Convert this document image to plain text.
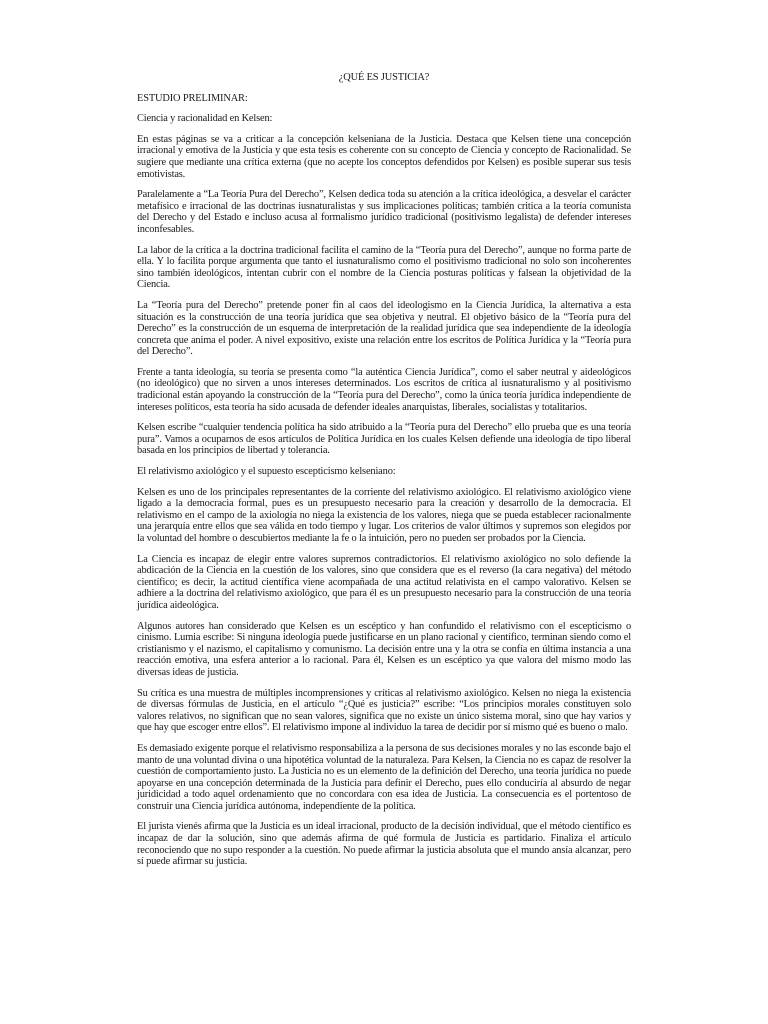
¿QUÉ ES JUSTICIA?

ESTUDIO PRELIMINAR:

Ciencia y racionalidad en Kelsen:

En estas páginas se va a criticar a la concepción kelseniana de la Justicia. Destaca que Kelsen tiene una concepción irracional y emotiva de la Justicia y que esta tesis es coherente con su concepto de Ciencia y concepto de Racionalidad. Se sugiere que mediante una crítica externa (que no acepte los conceptos defendidos por Kelsen) es posible superar sus tesis emotivistas.

Paralelamente a “La Teoría Pura del Derecho”, Kelsen dedica toda su atención a la crítica ideológica, a desvelar el carácter metafísico e irracional de las doctrinas iusnaturalistas y sus implicaciones políticas; también critica a la teoría comunista del Derecho y del Estado e incluso acusa al formalismo jurídico tradicional (positivismo legalista) de defender intereses inconfesables.

La labor de la crítica a la doctrina tradicional facilita el camino de la “Teoría pura del Derecho”, aunque no forma parte de ella. Y lo facilita porque argumenta que tanto el iusnaturalismo como el positivismo tradicional no solo son incoherentes sino también ideológicos, intentan cubrir con el nombre de la Ciencia posturas políticas y falsean la objetividad de la Ciencia.

La “Teoría pura del Derecho” pretende poner fin al caos del ideologismo en la Ciencia Jurídica, la alternativa a esta situación es la construcción de una teoría jurídica que sea objetiva y neutral. El objetivo básico de la “Teoría pura del Derecho” es la construcción de un esquema de interpretación de la realidad jurídica que sea independiente de la ideología concreta que anima el poder. A nivel expositivo, existe una relación entre los escritos de Política Jurídica y la “Teoría pura del Derecho”.

Frente a tanta ideología, su teoría se presenta como “la auténtica Ciencia Jurídica”, como el saber neutral y aideológicos (no ideológico) que no sirven a unos intereses determinados. Los escritos de crítica al iusnaturalismo y al positivismo tradicional están apoyando la construcción de la “Teoría pura del Derecho”, como la única teoría jurídica independiente de intereses políticos, esta teoría ha sido acusada de defender ideales anarquistas, liberales, socialistas y totalitarios.

Kelsen escribe “cualquier tendencia política ha sido atribuido a la “Teoría pura del Derecho” ello prueba que es una teoría pura”. Vamos a ocuparnos de esos artículos de Política Jurídica en los cuales Kelsen defiende una ideología de tipo liberal basada en los principios de libertad y tolerancia.

El relativismo axiológico y el supuesto escepticismo kelseniano:

Kelsen es uno de los principales representantes de la corriente del relativismo axiológico. El relativismo axiológico viene ligado a la democracia formal, pues es un presupuesto necesario para la creación y desarrollo de la democracia. El relativismo en el campo de la axiología no niega la existencia de los valores, niega que se pueda establecer racionalmente una jerarquía entre ellos que sea válida en todo tiempo y lugar. Los criterios de valor últimos y supremos son elegidos por la voluntad del hombre o descubiertos mediante la fe o la intuición, pero no pueden ser probados por la Ciencia.

La Ciencia es incapaz de elegir entre valores supremos contradictorios. El relativismo axiológico no solo defiende la abdicación de la Ciencia en la cuestión de los valores, sino que considera que es el reverso (la cara negativa) del método científico; es decir, la actitud científica viene acompañada de una actitud relativista en el campo valorativo. Kelsen se adhiere a la doctrina del relativismo axiológico, que para él es un presupuesto necesario para la construcción de una teoría jurídica aideológica.

Algunos autores han considerado que Kelsen es un escéptico y han confundido el relativismo con el escepticismo o cinismo. Lumia escribe: Si ninguna ideología puede justificarse en un plano racional y científico, terminan siendo como el cristianismo y el nazismo, el capitalismo y comunismo. La decisión entre una y la otra se confía en última instancia a una reacción emotiva, una esfera anterior a lo racional. Para él, Kelsen es un escéptico ya que valora del mismo modo las diversas ideas de justicia.

Su crítica es una muestra de múltiples incomprensiones y críticas al relativismo axiológico. Kelsen no niega la existencia de diversas fórmulas de Justicia, en el artículo “¿Qué es justicia?” escribe: “Los principios morales constituyen solo valores relativos, no significan que no sean valores, significa que no existe un único sistema moral, sino que hay varios y que hay que escoger entre ellos”. El relativismo impone al individuo la tarea de decidir por sí mismo qué es bueno o malo.

Es demasiado exigente porque el relativismo responsabiliza a la persona de sus decisiones morales y no las esconde bajo el manto de una voluntad divina o una hipotética voluntad de la naturaleza. Para Kelsen, la Ciencia no es capaz de resolver la cuestión de comportamiento justo. La Justicia no es un elemento de la definición del Derecho, una teoría jurídica no puede apoyarse en una concepción determinada de la Justicia para definir el Derecho, pues ello conduciría al absurdo de negar juridicidad a todo aquel ordenamiento que no concordara con esa idea de Justicia. La consecuencia es el portentoso de construir una Ciencia jurídica autónoma, independiente de la política.

El jurista vienés afirma que la Justicia es un ideal irracional, producto de la decisión individual, que el método científico es incapaz de dar la solución, sino que además afirma de qué formula de Justicia es partidario. Finaliza el artículo reconociendo que no supo responder a la cuestión. No puede afirmar la justicia absoluta que el mundo ansía alcanzar, pero sí puede afirmar su justicia.
